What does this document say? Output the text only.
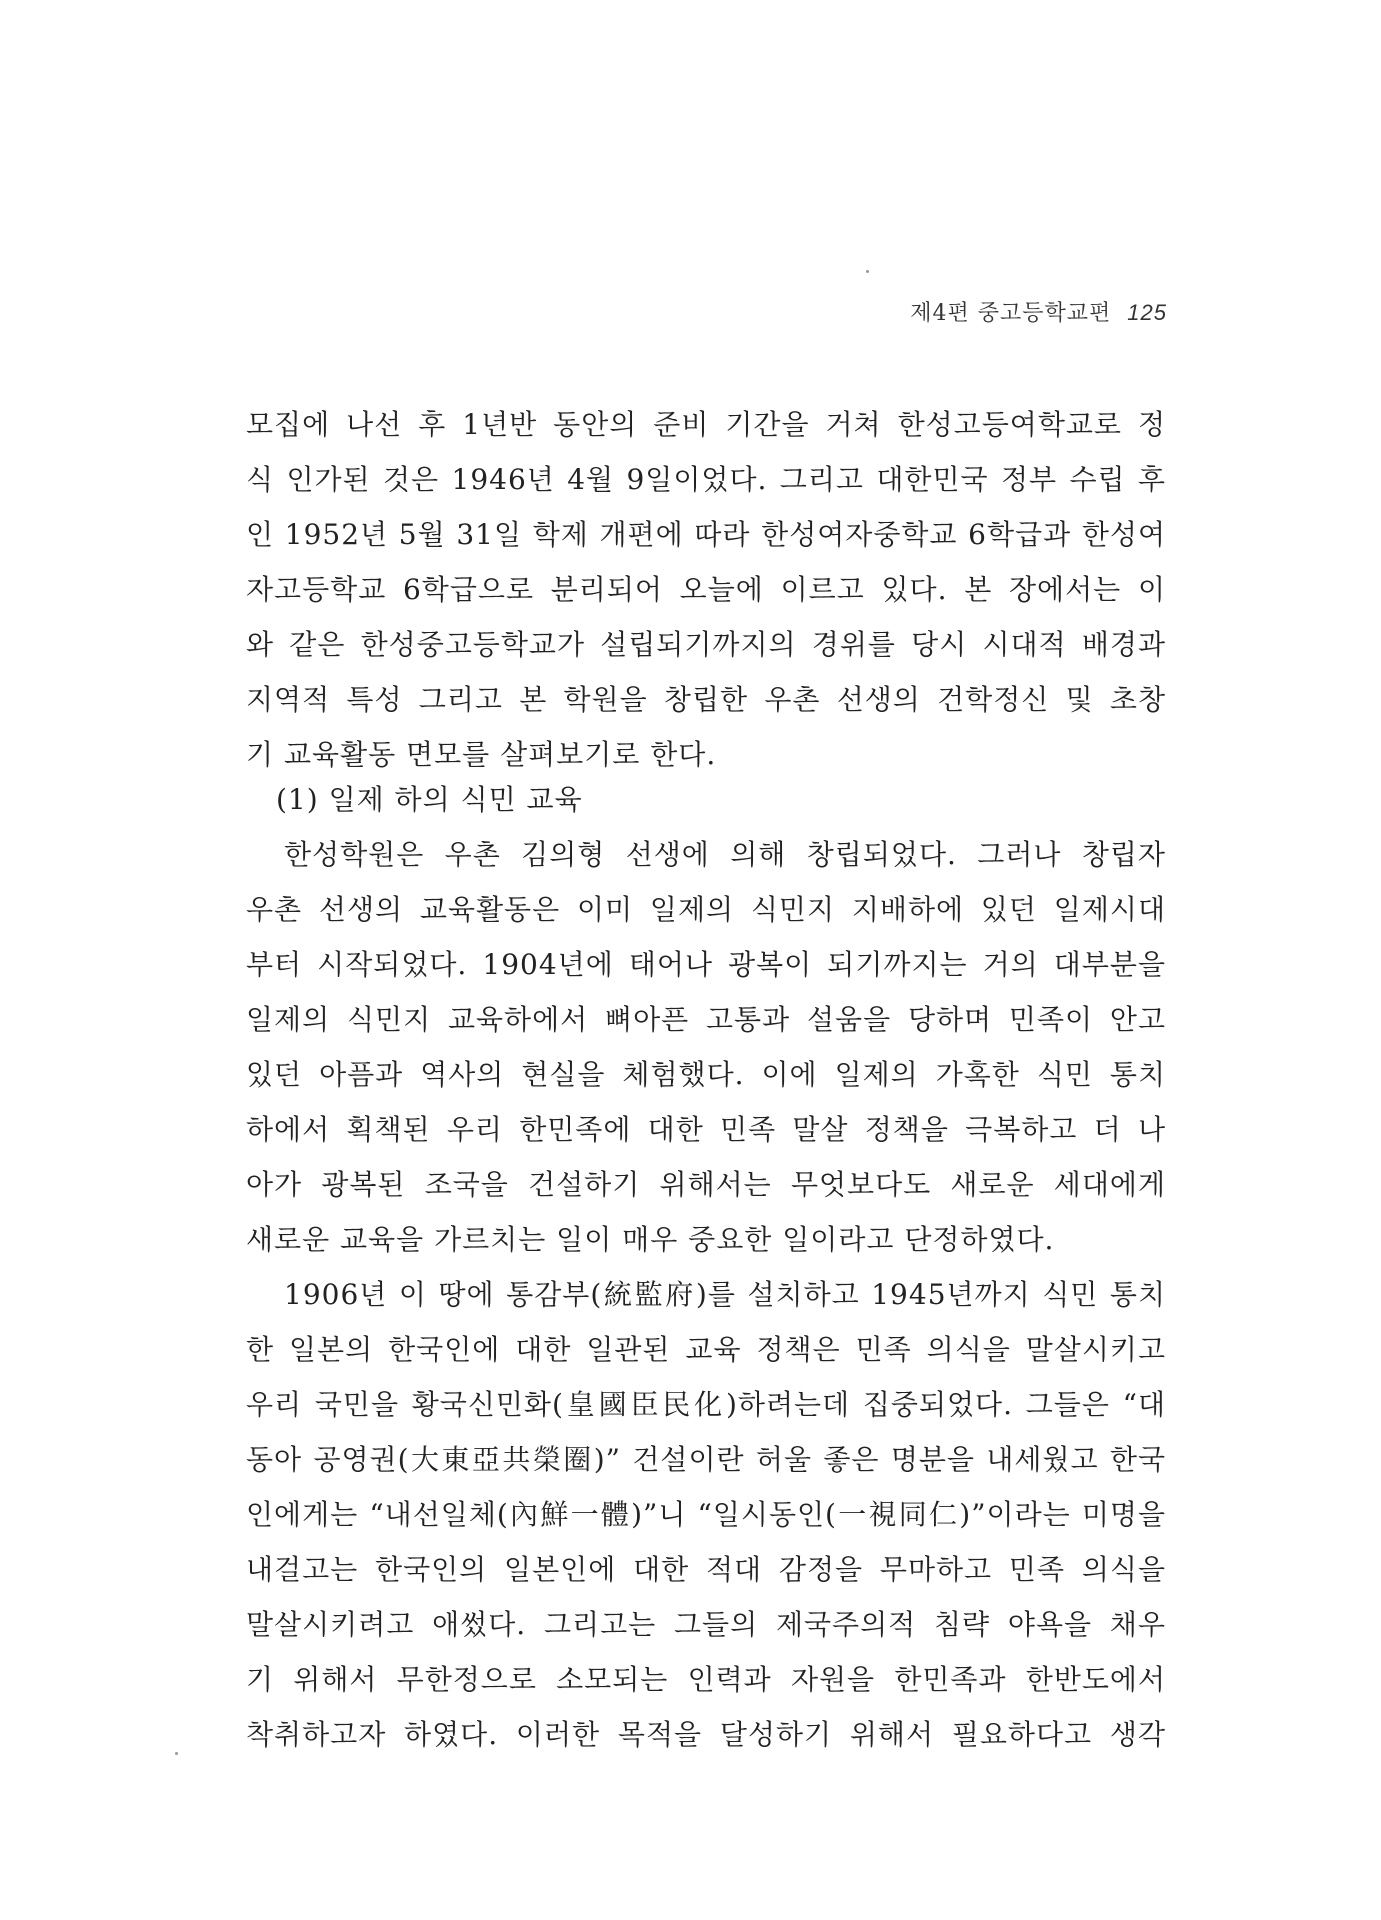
제4편 중고등학교편 125
모집에 나선 후 1년반 동안의 준비 기간을 거쳐 한성고등여학교로 정
식 인가된 것은 1946년 4월 9일이었다. 그리고 대한민국 정부 수립 후
인 1952년 5월 31일 학제 개편에 따라 한성여자중학교 6학급과 한성여
자고등학교 6학급으로 분리되어 오늘에 이르고 있다. 본 장에서는 이
와 같은 한성중고등학교가 설립되기까지의 경위를 당시 시대적 배경과
지역적 특성 그리고 본 학원을 창립한 우촌 선생의 건학정신 및 초창
기 교육활동 면모를 살펴보기로 한다.
(1) 일제 하의 식민 교육
한성학원은 우촌 김의형 선생에 의해 창립되었다. 그러나 창립자
우촌 선생의 교육활동은 이미 일제의 식민지 지배하에 있던 일제시대
부터 시작되었다. 1904년에 태어나 광복이 되기까지는 거의 대부분을
일제의 식민지 교육하에서 뼈아픈 고통과 설움을 당하며 민족이 안고
있던 아픔과 역사의 현실을 체험했다. 이에 일제의 가혹한 식민 통치
하에서 획책된 우리 한민족에 대한 민족 말살 정책을 극복하고 더 나
아가 광복된 조국을 건설하기 위해서는 무엇보다도 새로운 세대에게
새로운 교육을 가르치는 일이 매우 중요한 일이라고 단정하였다.
1906년 이 땅에 통감부(統監府)를 설치하고 1945년까지 식민 통치
한 일본의 한국인에 대한 일관된 교육 정책은 민족 의식을 말살시키고
우리 국민을 황국신민화(皇國臣民化)하려는데 집중되었다. 그들은 “대
동아 공영권(大東亞共榮圈)” 건설이란 허울 좋은 명분을 내세웠고 한국
인에게는 “내선일체(內鮮一體)”니 “일시동인(一視同仁)”이라는 미명을
내걸고는 한국인의 일본인에 대한 적대 감정을 무마하고 민족 의식을
말살시키려고 애썼다. 그리고는 그들의 제국주의적 침략 야욕을 채우
기 위해서 무한정으로 소모되는 인력과 자원을 한민족과 한반도에서
착취하고자 하였다. 이러한 목적을 달성하기 위해서 필요하다고 생각
